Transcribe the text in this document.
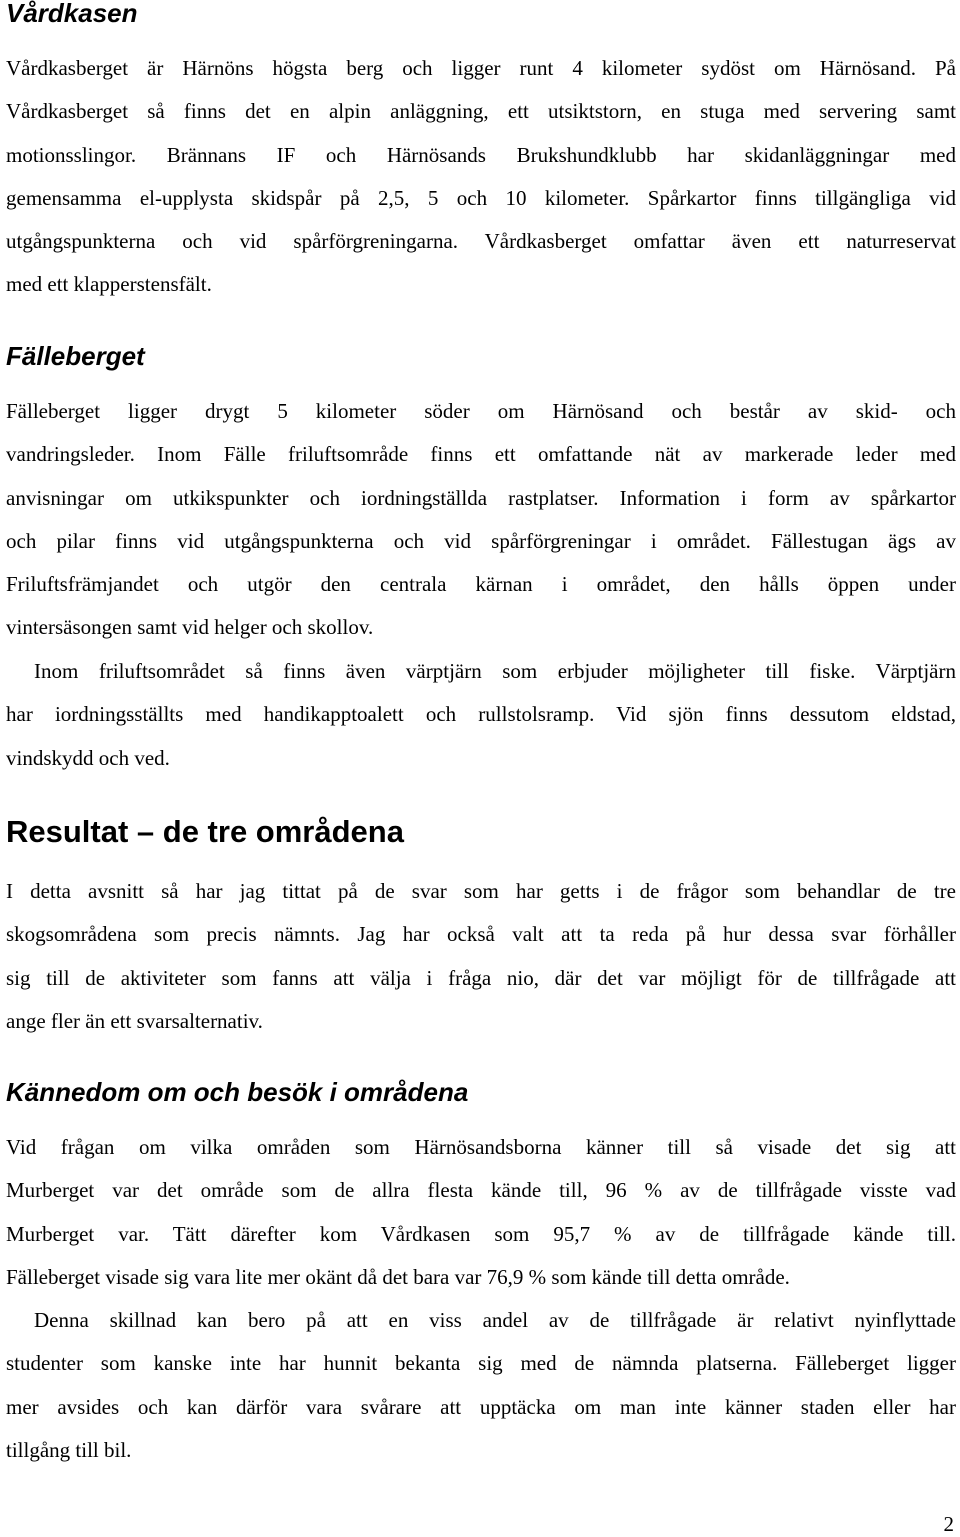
Vårdkasen
Vårdkasberget är Härnöns högsta berg och ligger runt 4 kilometer sydöst om Härnösand. På
Vårdkasberget så finns det en alpin anläggning, ett utsiktstorn, en stuga med servering samt
motionsslingor. Brännans IF och Härnösands Brukshundklubb har skidanläggningar med
gemensamma el-upplysta skidspår på 2,5, 5 och 10 kilometer. Spårkartor finns tillgängliga vid
utgångspunkterna och vid spårförgreningarna. Vårdkasberget omfattar även ett naturreservat
med ett klapperstensfält.
Fälleberget
Fälleberget ligger drygt 5 kilometer söder om Härnösand och består av skid- och
vandringsleder. Inom Fälle friluftsområde finns ett omfattande nät av markerade leder med
anvisningar om utkikspunkter och iordningställda rastplatser. Information i form av spårkartor
och pilar finns vid utgångspunkterna och vid spårförgreningar i området. Fällestugan ägs av
Friluftsfrämjandet och utgör den centrala kärnan i området, den hålls öppen under
vintersäsongen samt vid helger och skollov.
Inom friluftsområdet så finns även värptjärn som erbjuder möjligheter till fiske. Värptjärn
har iordningsställts med handikapptoalett och rullstolsramp. Vid sjön finns dessutom eldstad,
vindskydd och ved.
Resultat – de tre områdena
I detta avsnitt så har jag tittat på de svar som har getts i de frågor som behandlar de tre
skogsområdena som precis nämnts. Jag har också valt att ta reda på hur dessa svar förhåller
sig till de aktiviteter som fanns att välja i fråga nio, där det var möjligt för de tillfrågade att
ange fler än ett svarsalternativ.
Kännedom om och besök i områdena
Vid frågan om vilka områden som Härnösandsborna känner till så visade det sig att
Murberget var det område som de allra flesta kände till, 96 % av de tillfrågade visste vad
Murberget var. Tätt därefter kom Vårdkasen som 95,7 % av de tillfrågade kände till.
Fälleberget visade sig vara lite mer okänt då det bara var 76,9 % som kände till detta område.
Denna skillnad kan bero på att en viss andel av de tillfrågade är relativt nyinflyttade
studenter som kanske inte har hunnit bekanta sig med de nämnda platserna. Fälleberget ligger
mer avsides och kan därför vara svårare att upptäcka om man inte känner staden eller har
tillgång till bil.
2
